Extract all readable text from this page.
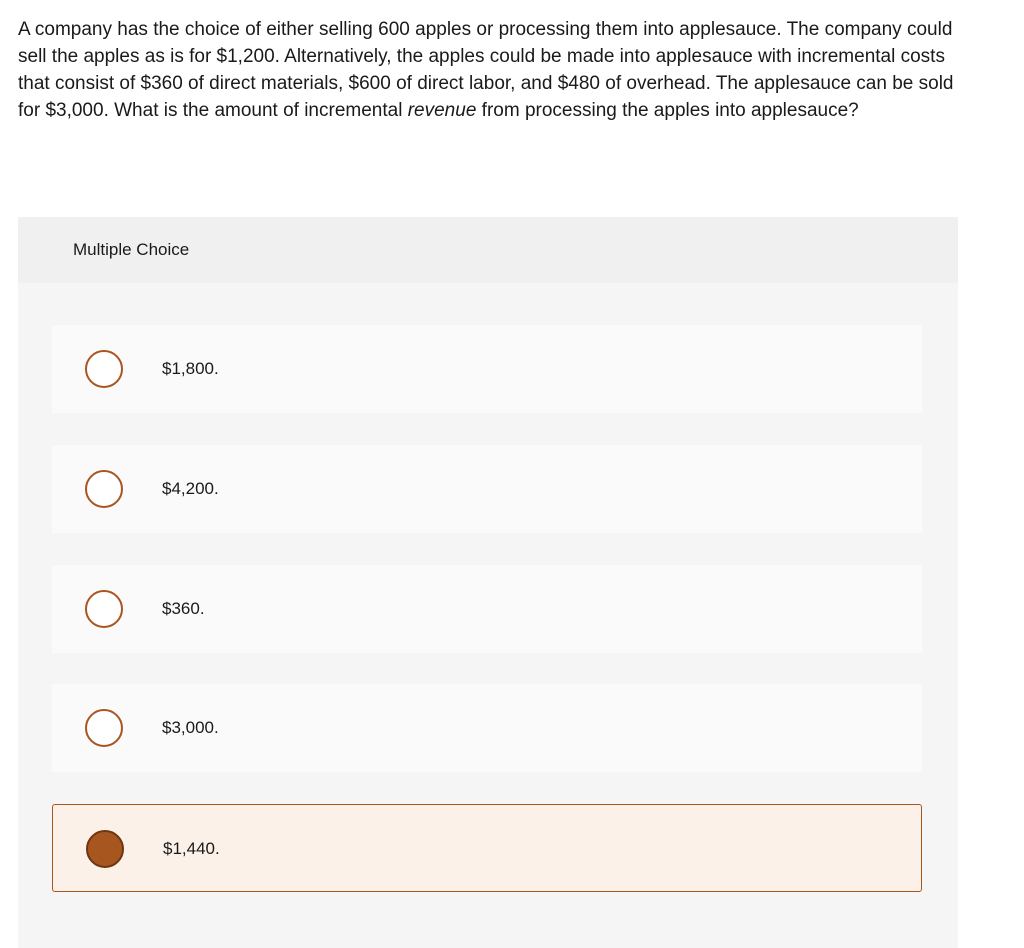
A company has the choice of either selling 600 apples or processing them into applesauce. The company could sell the apples as is for $1,200. Alternatively, the apples could be made into applesauce with incremental costs that consist of $360 of direct materials, $600 of direct labor, and $480 of overhead. The applesauce can be sold for $3,000. What is the amount of incremental revenue from processing the apples into applesauce?

Multiple Choice
$1,800.
$4,200.
$360.
$3,000.
$1,440.
